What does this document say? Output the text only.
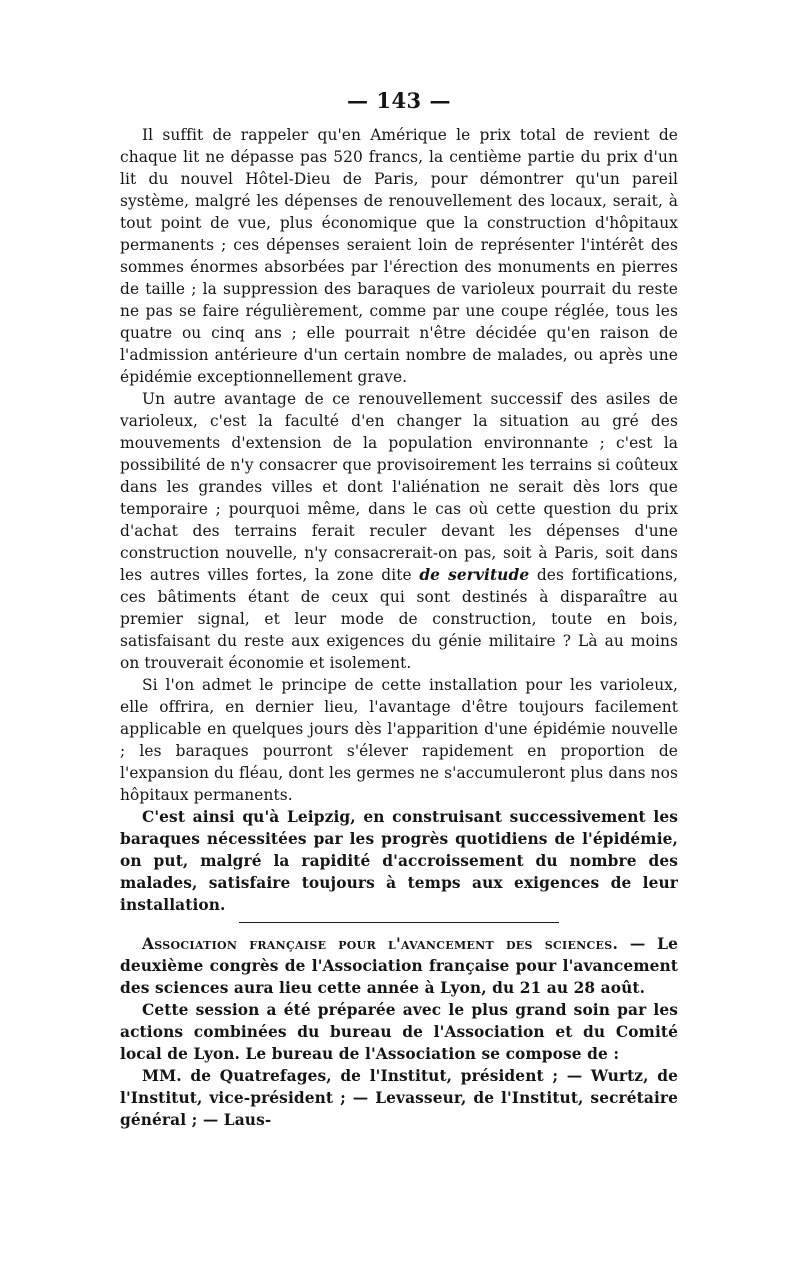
— 143 —

Il suffit de rappeler qu'en Amérique le prix total de revient de chaque lit ne dépasse pas 520 francs, la centième partie du prix d'un lit du nouvel Hôtel-Dieu de Paris, pour démontrer qu'un pareil système, malgré les dépenses de renouvellement des locaux, serait, à tout point de vue, plus économique que la construction d'hôpitaux permanents ; ces dépenses seraient loin de représenter l'intérêt des sommes énormes absorbées par l'érection des monuments en pierres de taille ; la suppression des baraques de varioleux pourrait du reste ne pas se faire régulièrement, comme par une coupe réglée, tous les quatre ou cinq ans ; elle pourrait n'être décidée qu'en raison de l'admission antérieure d'un certain nombre de malades, ou après une épidémie exceptionnellement grave.

Un autre avantage de ce renouvellement successif des asiles de varioleux, c'est la faculté d'en changer la situation au gré des mouvements d'extension de la population environnante ; c'est la possibilité de n'y consacrer que provisoirement les terrains si coûteux dans les grandes villes et dont l'aliénation ne serait dès lors que temporaire ; pourquoi même, dans le cas où cette question du prix d'achat des terrains ferait reculer devant les dépenses d'une construction nouvelle, n'y consacrerait-on pas, soit à Paris, soit dans les autres villes fortes, la zone dite de servitude des fortifications, ces bâtiments étant de ceux qui sont destinés à disparaître au premier signal, et leur mode de construction, toute en bois, satisfaisant du reste aux exigences du génie militaire ? Là au moins on trouverait économie et isolement.

Si l'on admet le principe de cette installation pour les varioleux, elle offrira, en dernier lieu, l'avantage d'être toujours facilement applicable en quelques jours dès l'apparition d'une épidémie nouvelle ; les baraques pourront s'élever rapidement en proportion de l'expansion du fléau, dont les germes ne s'accumuleront plus dans nos hôpitaux permanents.

C'est ainsi qu'à Leipzig, en construisant successivement les baraques nécessitées par les progrès quotidiens de l'épidémie, on put, malgré la rapidité d'accroissement du nombre des malades, satisfaire toujours à temps aux exigences de leur installation.

Association française pour l'avancement des sciences. — Le deuxième congrès de l'Association française pour l'avancement des sciences aura lieu cette année à Lyon, du 21 au 28 août.

Cette session a été préparée avec le plus grand soin par les actions combinées du bureau de l'Association et du Comité local de Lyon. Le bureau de l'Association se compose de :

MM. de Quatrefages, de l'Institut, président ; — Wurtz, de l'Institut, vice-président ; — Levasseur, de l'Institut, secrétaire général ; — Laus-
